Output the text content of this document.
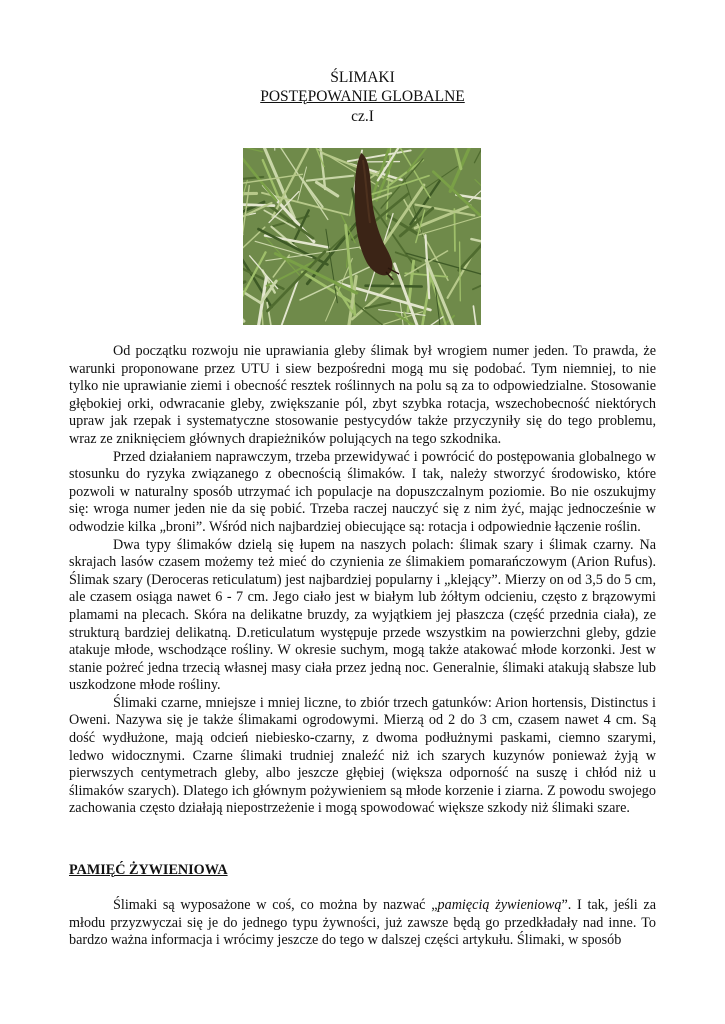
ŚLIMAKI
POSTĘPOWANIE GLOBALNE
cz.I

Od początku rozwoju nie uprawiania gleby ślimak był wrogiem numer jeden. To prawda, że warunki proponowane przez UTU i siew bezpośredni mogą mu się podobać. Tym niemniej, to nie tylko nie uprawianie ziemi i obecność resztek roślinnych na polu są za to odpowiedzialne. Stosowanie głębokiej orki, odwracanie gleby, zwiększanie pól, zbyt szybka rotacja, wszechobecność niektórych upraw jak rzepak i systematyczne stosowanie pestycydów także przyczyniły się do tego problemu, wraz ze zniknięciem głównych drapieżników polujących na tego szkodnika.

Przed działaniem naprawczym, trzeba przewidywać i powrócić do postępowania globalnego w stosunku do ryzyka związanego z obecnością ślimaków. I tak, należy stworzyć środowisko, które pozwoli w naturalny sposób utrzymać ich populacje na dopuszczalnym poziomie. Bo nie oszukujmy się: wroga numer jeden nie da się pobić. Trzeba raczej nauczyć się z nim żyć, mając jednocześnie w odwodzie kilka „broni”. Wśród nich najbardziej obiecujące są: rotacja i odpowiednie łączenie roślin.

Dwa typy ślimaków dzielą się łupem na naszych polach: ślimak szary i ślimak czarny. Na skrajach lasów czasem możemy też mieć do czynienia ze ślimakiem pomarańczowym (Arion Rufus). Ślimak szary (Deroceras reticulatum) jest najbardziej popularny i „klejący”. Mierzy on od 3,5 do 5 cm, ale czasem osiąga nawet 6 - 7 cm. Jego ciało jest w białym lub żółtym odcieniu, często z brązowymi plamami na plecach. Skóra na delikatne bruzdy, za wyjątkiem jej płaszcza (część przednia ciała), ze strukturą bardziej delikatną. D.reticulatum występuje przede wszystkim na powierzchni gleby, gdzie atakuje młode, wschodzące rośliny. W okresie suchym, mogą także atakować młode korzonki. Jest w stanie pożreć jedna trzecią własnej masy ciała przez jedną noc. Generalnie, ślimaki atakują słabsze lub uszkodzone młode rośliny.

Ślimaki czarne, mniejsze i mniej liczne, to zbiór trzech gatunków: Arion hortensis, Distinctus i Oweni. Nazywa się je także ślimakami ogrodowymi. Mierzą od 2 do 3 cm, czasem nawet 4 cm. Są dość wydłużone, mają odcień niebiesko-czarny, z dwoma podłużnymi paskami, ciemno szarymi, ledwo widocznymi. Czarne ślimaki trudniej znaleźć niż ich szarych kuzynów ponieważ żyją w pierwszych centymetrach gleby, albo jeszcze głębiej (większa odporność na suszę i chłód niż u ślimaków szarych). Dlatego ich głównym pożywieniem są młode korzenie i ziarna. Z powodu swojego zachowania często działają niepostrzeżenie i mogą spowodować większe szkody niż ślimaki szare.

PAMIĘĆ ŻYWIENIOWA

Ślimaki są wyposażone w coś, co można by nazwać „pamięcią żywieniową”. I tak, jeśli za młodu przyzwyczai się je do jednego typu żywności, już zawsze będą go przedkładały nad inne. To bardzo ważna informacja i wrócimy jeszcze do tego w dalszej części artykułu. Ślimaki, w sposób
